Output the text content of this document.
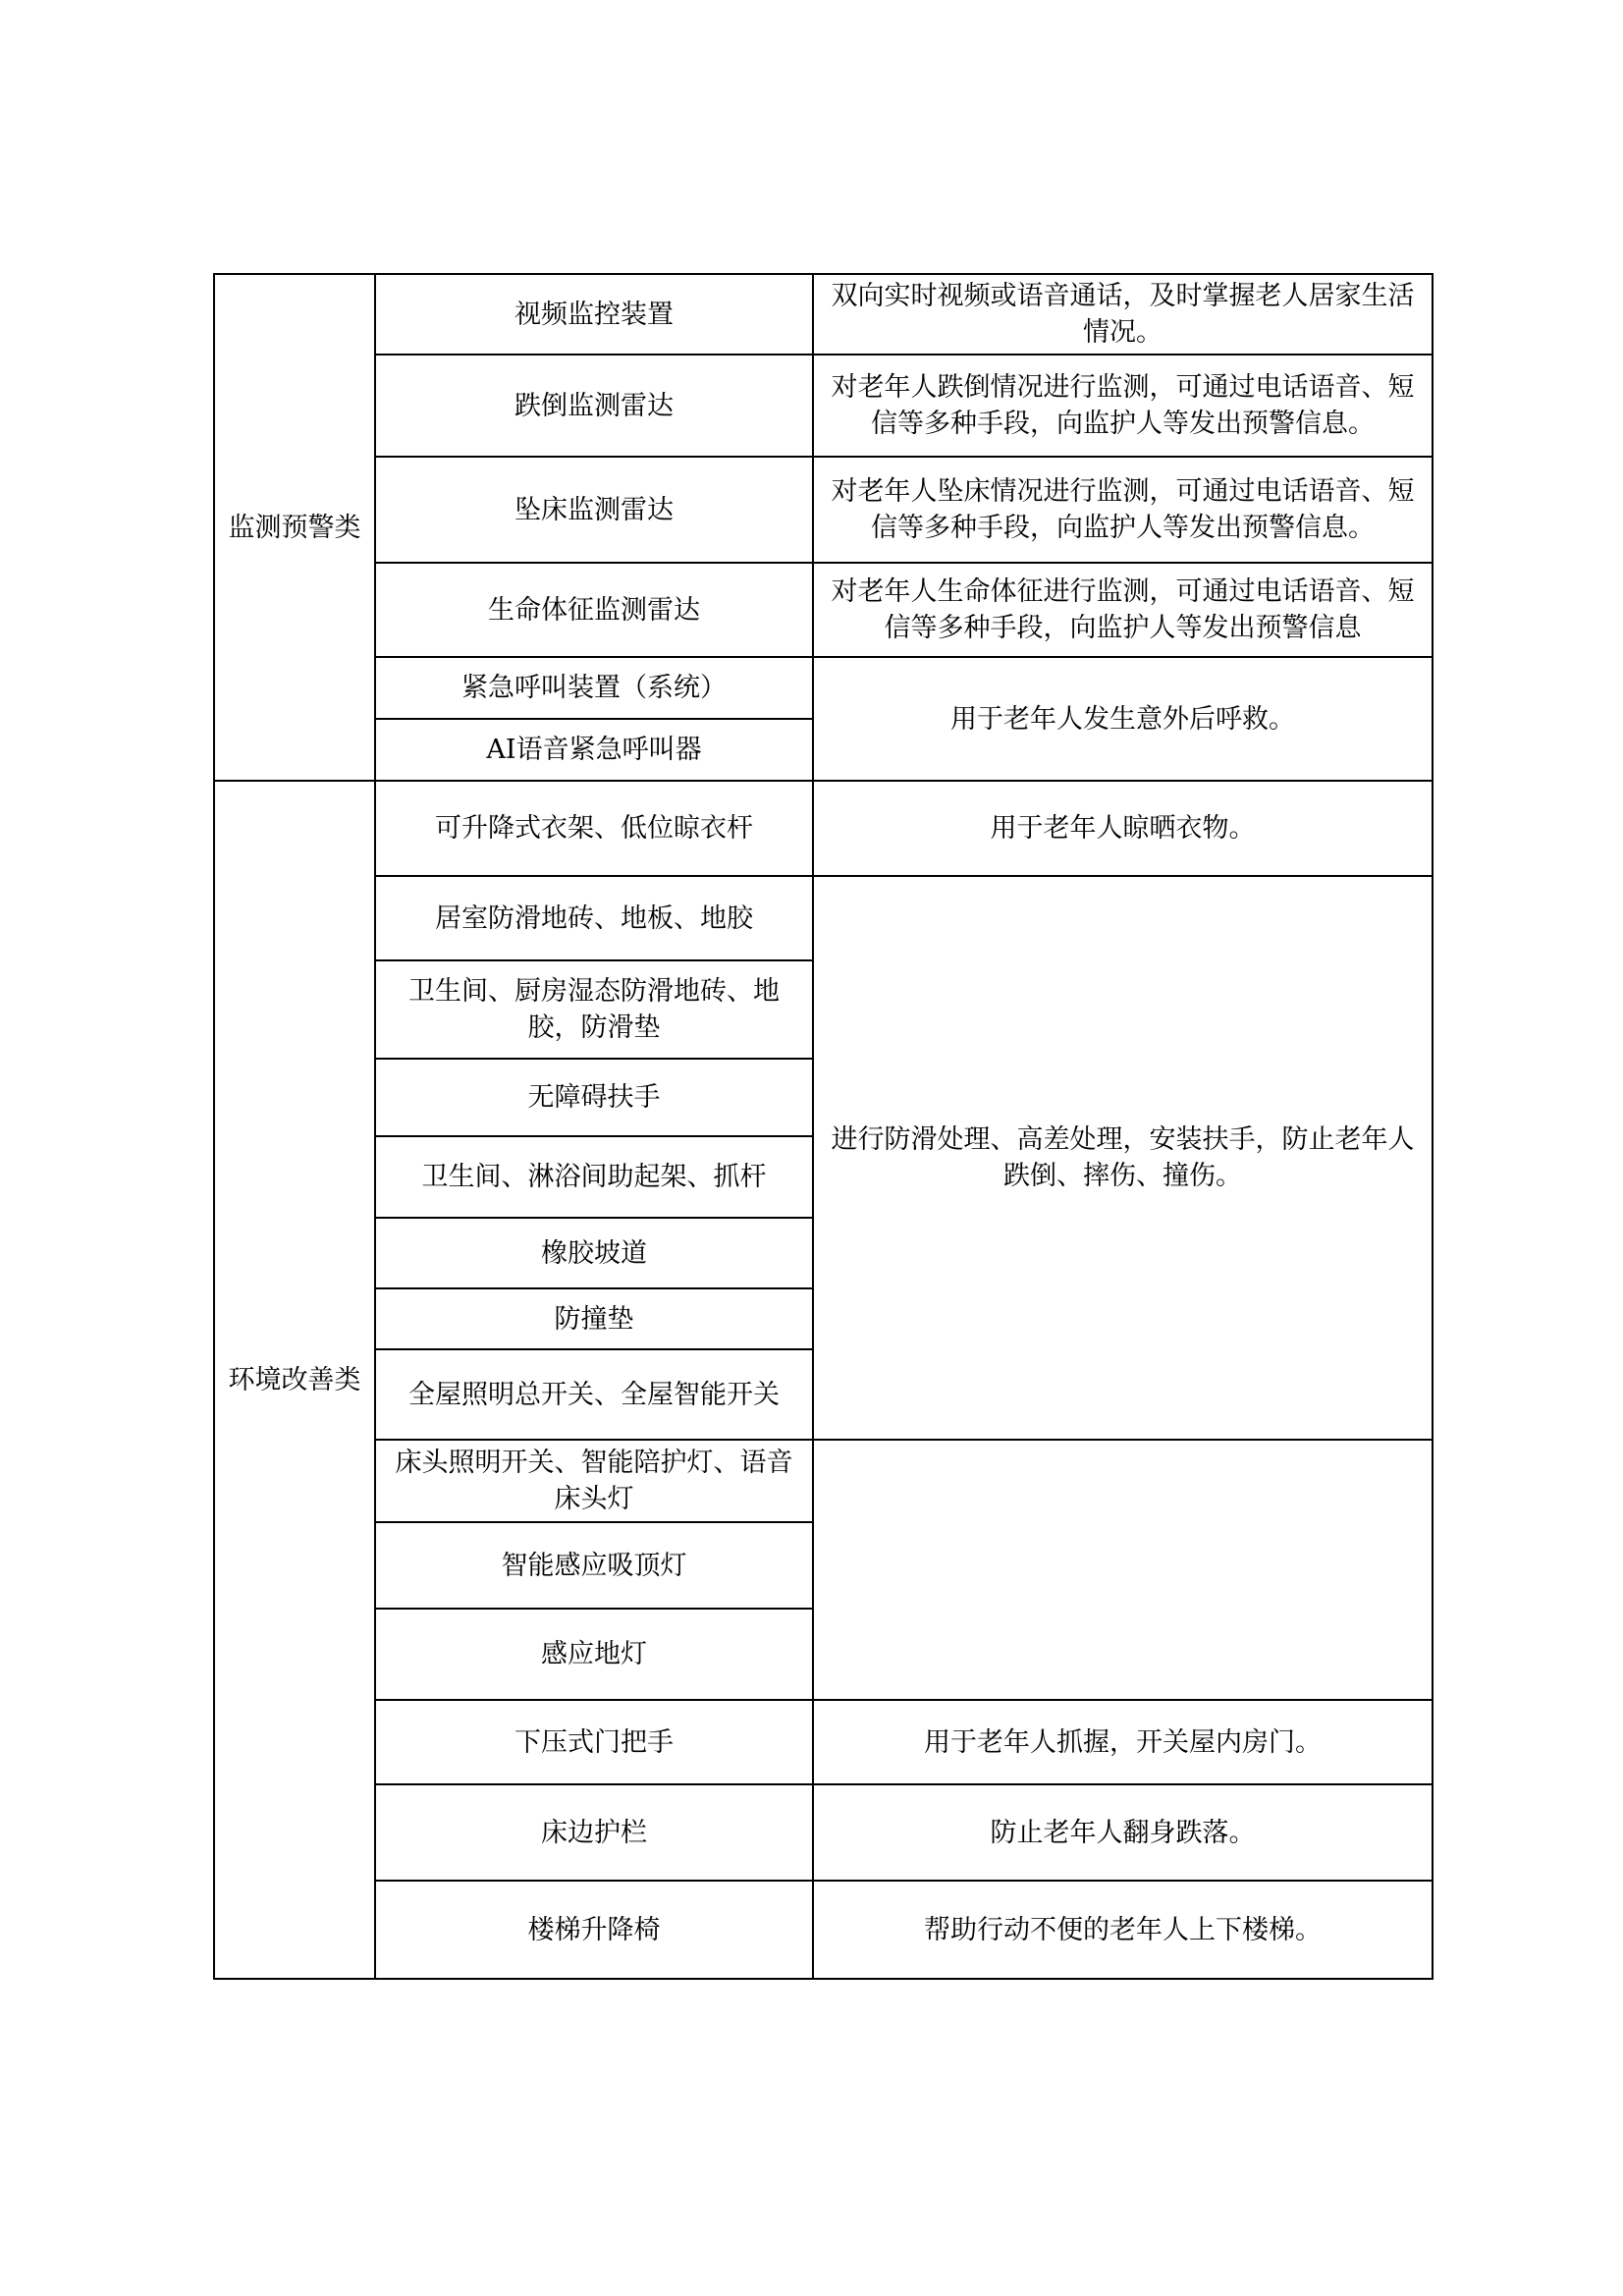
监测预警类	视频监控装置	双向实时视频或语音通话，及时掌握老人居家生活情况。	

	跌倒监测雷达	对老年人跌倒情况进行监测，可通过电话语音、短信等多种手段，向监护人等发出预警信息。	

	坠床监测雷达	对老年人坠床情况进行监测，可通过电话语音、短信等多种手段，向监护人等发出预警信息。	

	生命体征监测雷达	对老年人生命体征进行监测，可通过电话语音、短信等多种手段，向监护人等发出预警信息	

	紧急呼叫装置（系统）	用于老年人发生意外后呼救。	
	AI语音紧急呼叫器		
环境改善类	可升降式衣架、低位晾衣杆	用于老年人晾晒衣物。	
	居室防滑地砖、地板、地胶	进行防滑处理、高差处理，安装扶手，防止老年人跌倒、摔伤、撞伤。	
	卫生间、厨房湿态防滑地砖、地胶，防滑垫		
	无障碍扶手		
	卫生间、淋浴间助起架、抓杆		
	橡胶坡道		
	防撞垫		
	全屋照明总开关、全屋智能开关	
	床头照明开关、智能陪护灯、语音床头灯		
	智能感应吸顶灯		
	感应地灯		
	下压式门把手	用于老年人抓握，开关屋内房门。	
	床边护栏	防止老年人翻身跌落。	
	楼梯升降椅	帮助行动不便的老年人上下楼梯。	
